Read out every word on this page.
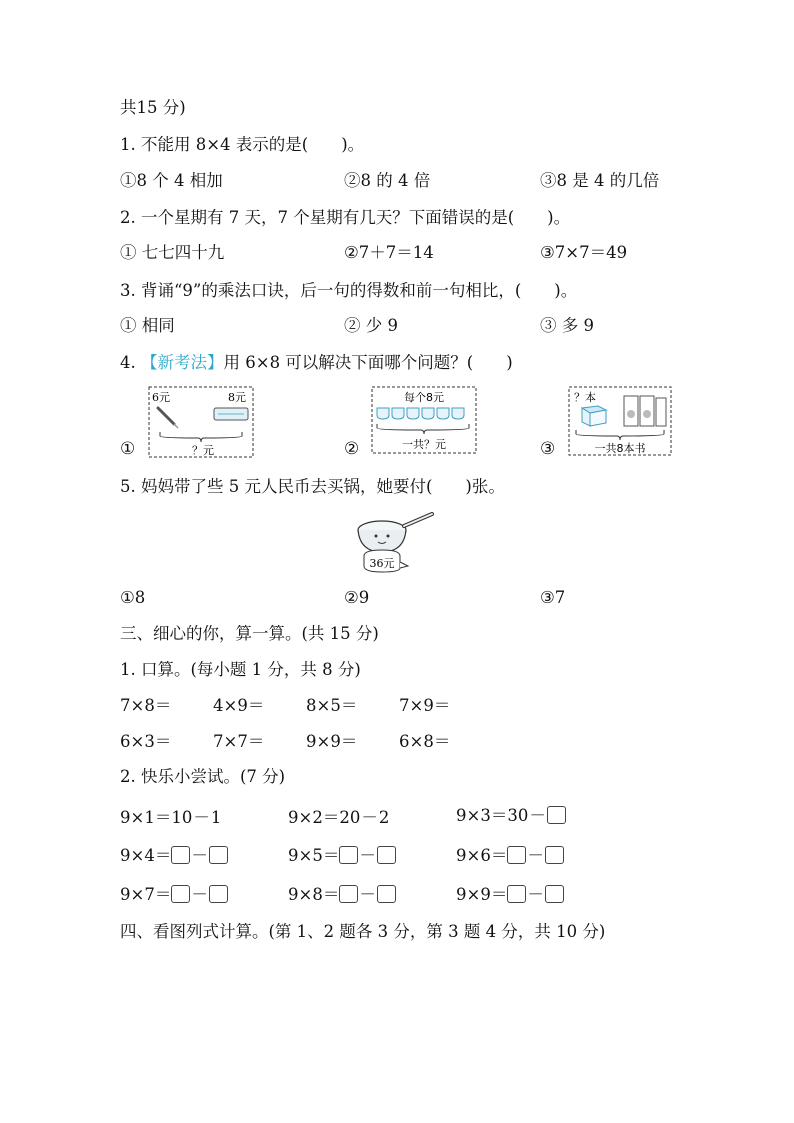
共15 分)
1. 不能用 8×4 表示的是(　　)。
①8 个 4 相加	②8 的 4 倍	③8 是 4 的几倍
2. 一个星期有 7 天，7 个星期有几天？下面错误的是(　　)。
① 七七四十九	②7＋7＝14	③7×7＝49
3. 背诵“9”的乘法口诀，后一句的得数和前一句相比，(　　)。
① 相同	② 少 9	③ 多 9
4. 【新考法】用 6×8 可以解决下面哪个问题？(　　)
①
6元	8元
？元	②
每个8元
一共？元	③
？本
一共8本书
5. 妈妈带了些 5 元人民币去买锅，她要付(　　)张。
36元
①8	②9	③7
三、细心的你，算一算。(共 15 分)
1. 口算。(每小题 1 分，共 8 分)
7×8＝	4×9＝	8×5＝	7×9＝
6×3＝	7×7＝	9×9＝	6×8＝
2. 快乐小尝试。(7 分)
9×1＝10－1	9×2＝20－2	9×3＝30－
9×4＝ －	9×5＝ －	9×6＝ －
9×7＝ －	9×8＝ －	9×9＝ －
四、看图列式计算。(第 1、2 题各 3 分，第 3 题 4 分，共 10 分)
